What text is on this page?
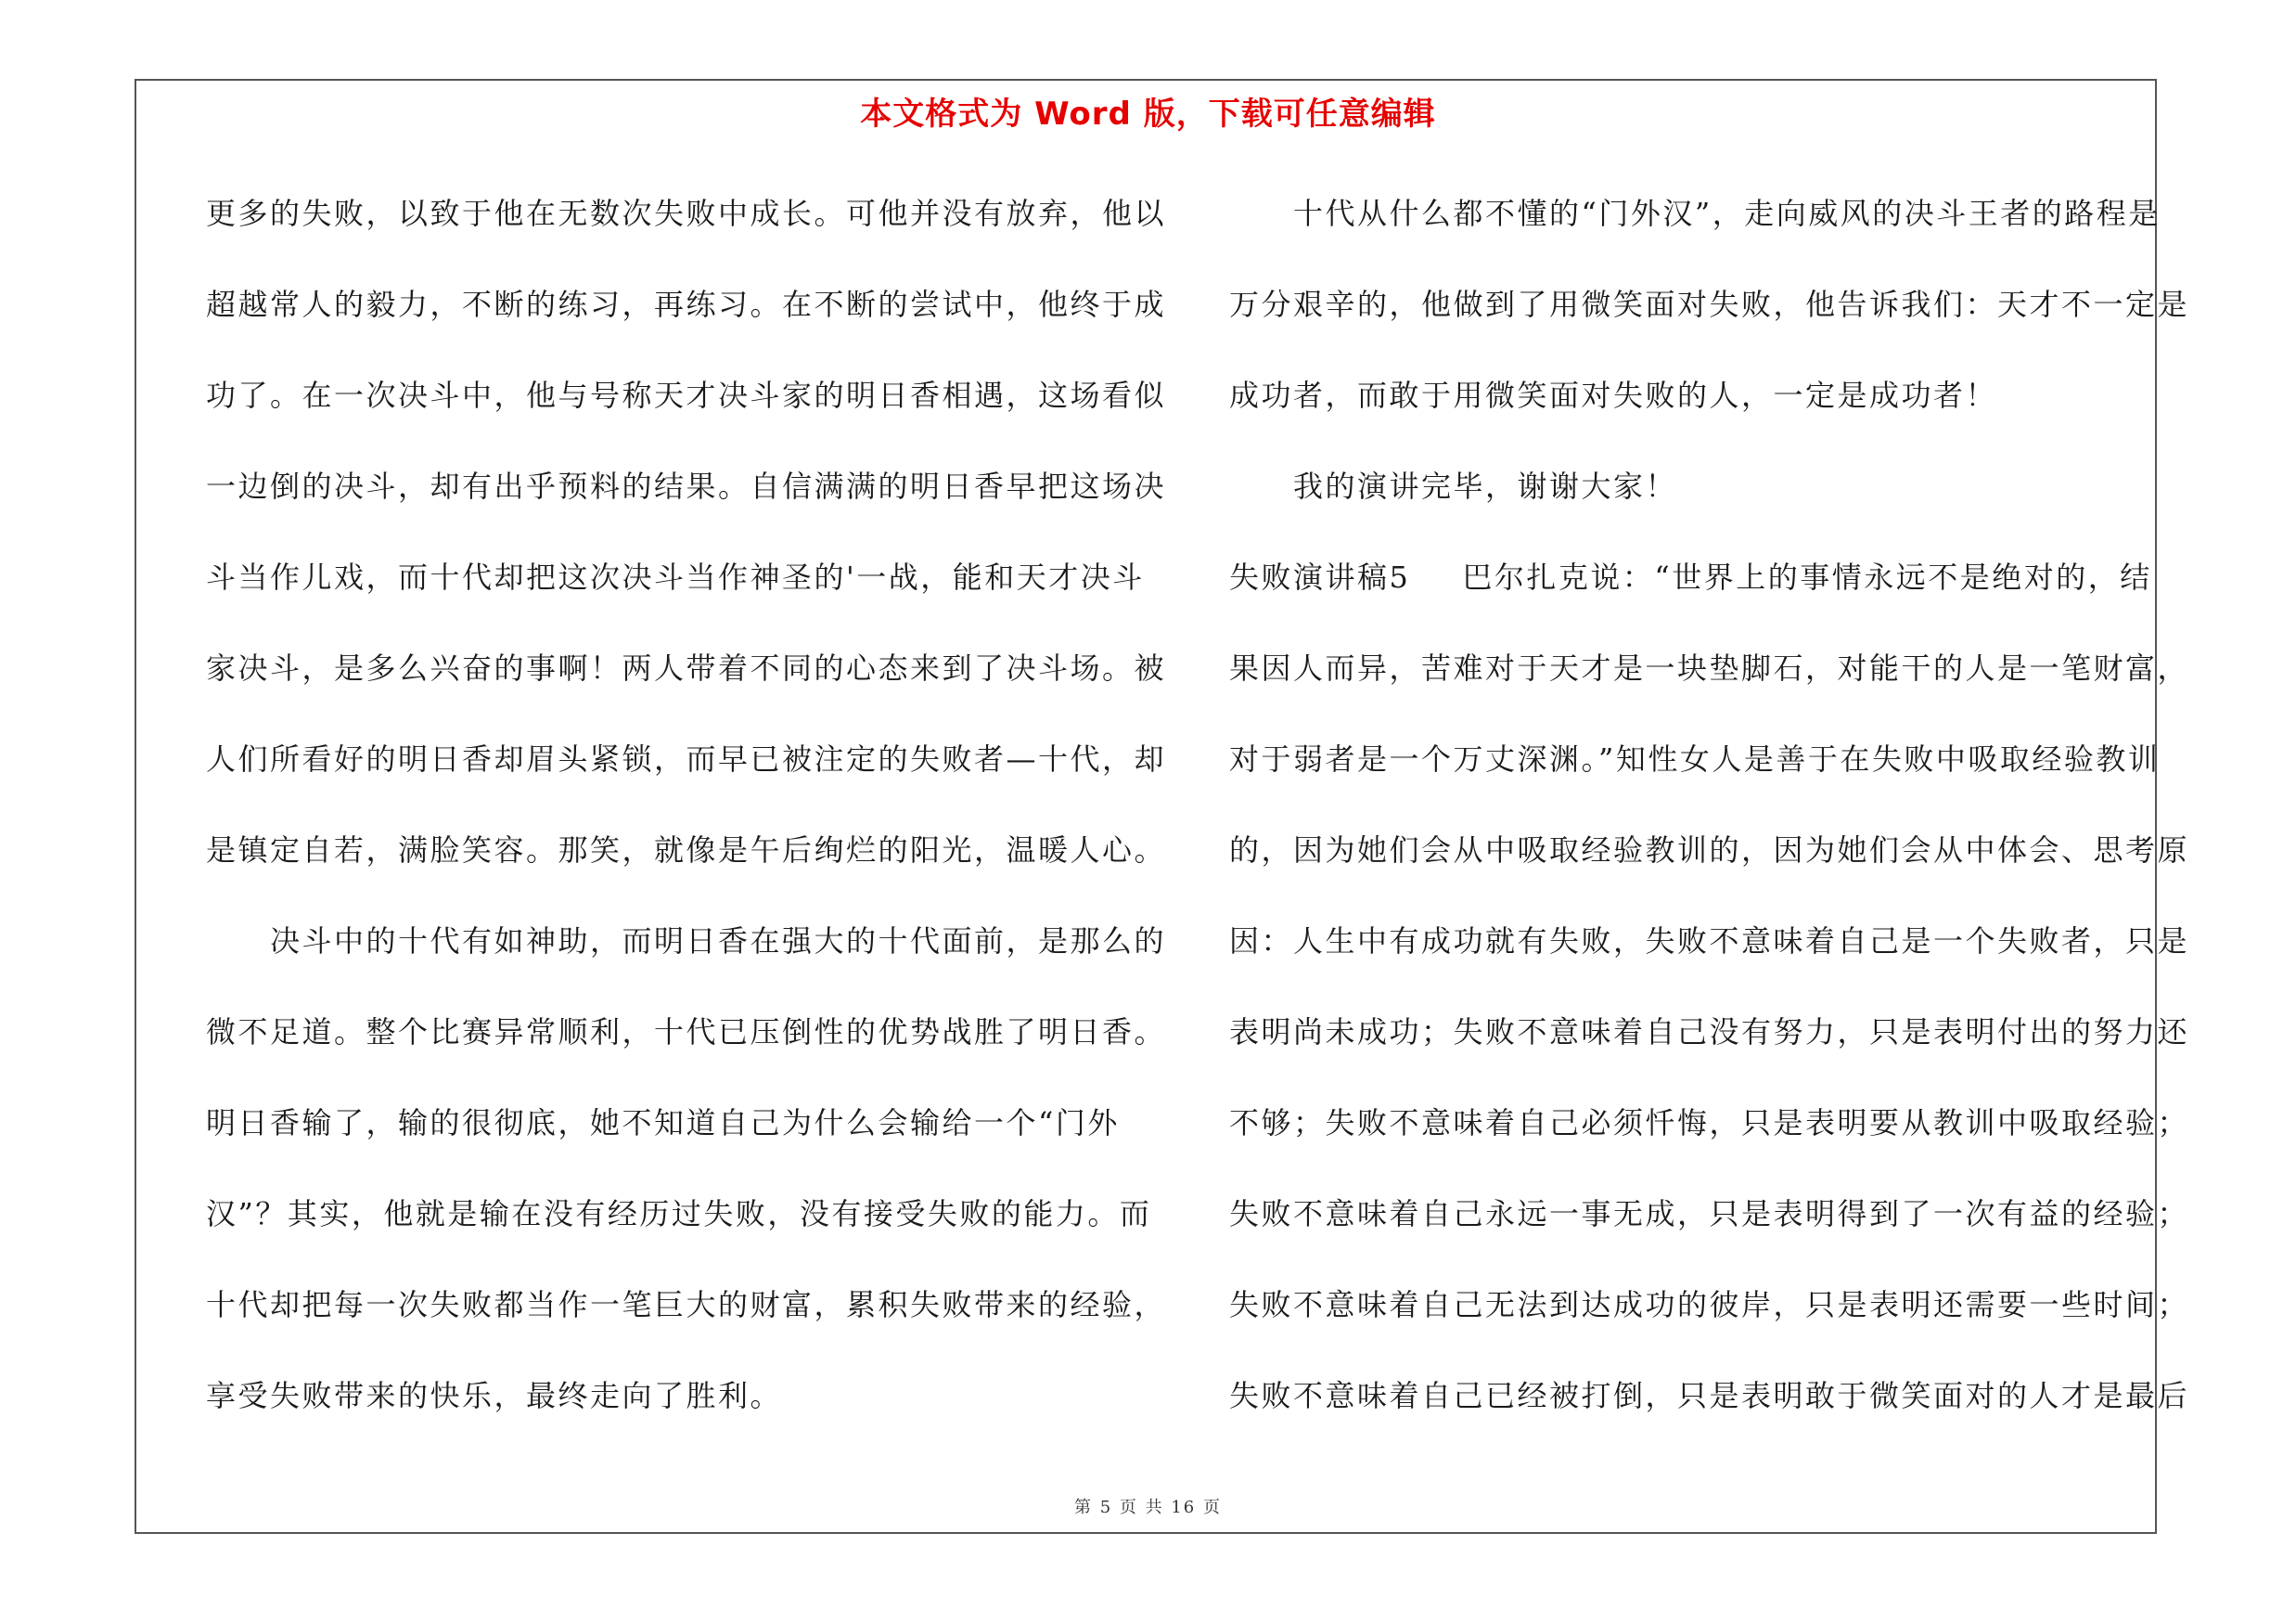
本文格式为 Word 版，下载可任意编辑
更多的失败，以致于他在无数次失败中成长。可他并没有放弃，他以
超越常人的毅力，不断的练习，再练习。在不断的尝试中，他终于成
功了。在一次决斗中，他与号称天才决斗家的明日香相遇，这场看似
一边倒的决斗，却有出乎预料的结果。自信满满的明日香早把这场决
斗当作儿戏，而十代却把这次决斗当作神圣的'一战，能和天才决斗
家决斗，是多么兴奋的事啊！两人带着不同的心态来到了决斗场。被
人们所看好的明日香却眉头紧锁，而早已被注定的失败者—十代，却
是镇定自若，满脸笑容。那笑，就像是午后绚烂的阳光，温暖人心。
　　决斗中的十代有如神助，而明日香在强大的十代面前，是那么的
微不足道。整个比赛异常顺利，十代已压倒性的优势战胜了明日香。
明日香输了，输的很彻底，她不知道自己为什么会输给一个“门外
汉”？其实，他就是输在没有经历过失败，没有接受失败的能力。而
十代却把每一次失败都当作一笔巨大的财富，累积失败带来的经验，
享受失败带来的快乐，最终走向了胜利。
　　十代从什么都不懂的“门外汉”，走向威风的决斗王者的路程是
万分艰辛的，他做到了用微笑面对失败，他告诉我们：天才不一定是
成功者，而敢于用微笑面对失败的人，一定是成功者！
　　我的演讲完毕，谢谢大家！
失败演讲稿5 巴尔扎克说：“世界上的事情永远不是绝对的，结
果因人而异，苦难对于天才是一块垫脚石，对能干的人是一笔财富，
对于弱者是一个万丈深渊。”知性女人是善于在失败中吸取经验教训
的，因为她们会从中吸取经验教训的，因为她们会从中体会、思考原
因：人生中有成功就有失败，失败不意味着自己是一个失败者，只是
表明尚未成功；失败不意味着自己没有努力，只是表明付出的努力还
不够；失败不意味着自己必须忏悔，只是表明要从教训中吸取经验；
失败不意味着自己永远一事无成，只是表明得到了一次有益的经验；
失败不意味着自己无法到达成功的彼岸，只是表明还需要一些时间；
失败不意味着自己已经被打倒，只是表明敢于微笑面对的人才是最后
第 5 页 共 16 页
